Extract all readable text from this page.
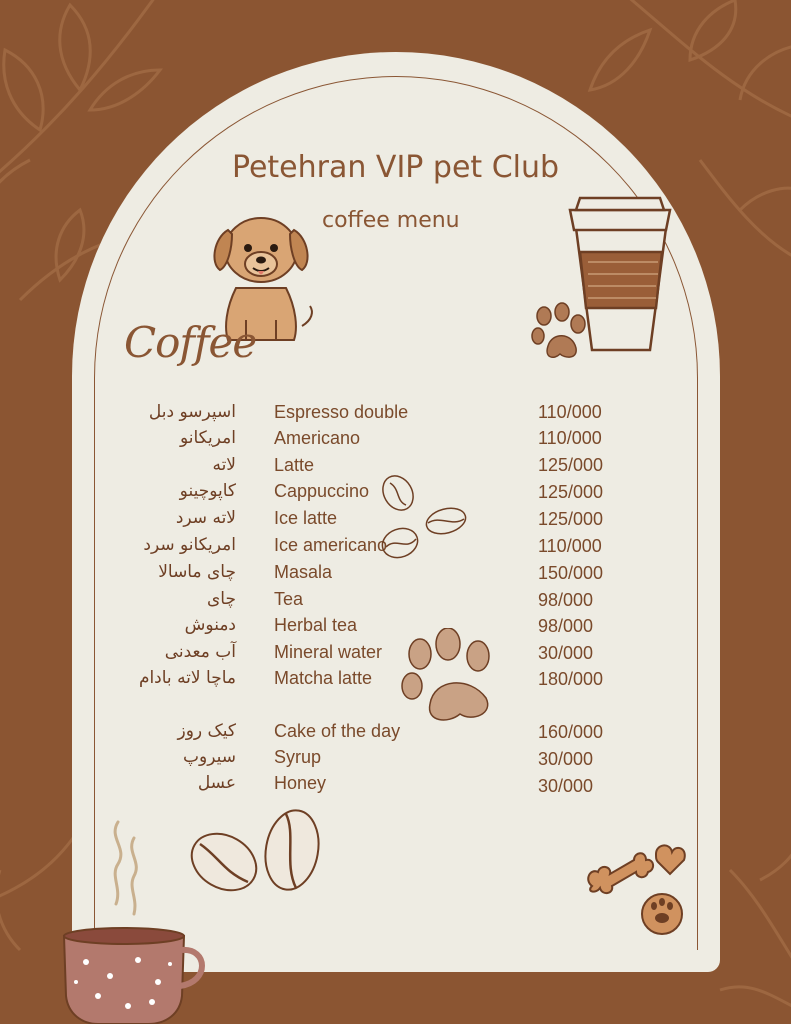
Petehran VIP pet Club
coffee menu
Coffee
اسپرسو دبل Espresso double	110/000
امریکانو Americano	110/000
لاته Latte	125/000
کاپوچینو Cappuccino	125/000
لاته سرد Ice latte	125/000
امریکانو سرد Ice americano	110/000
چای ماسالا Masala	150/000
چای Tea	98/000
دمنوش Herbal tea	98/000
آب معدنی Mineral water	30/000
ماچا لاته بادام Matcha latte	180/000
کیک روز Cake of the day	160/000
سیروپ Syrup	30/000
عسل Honey	30/000
